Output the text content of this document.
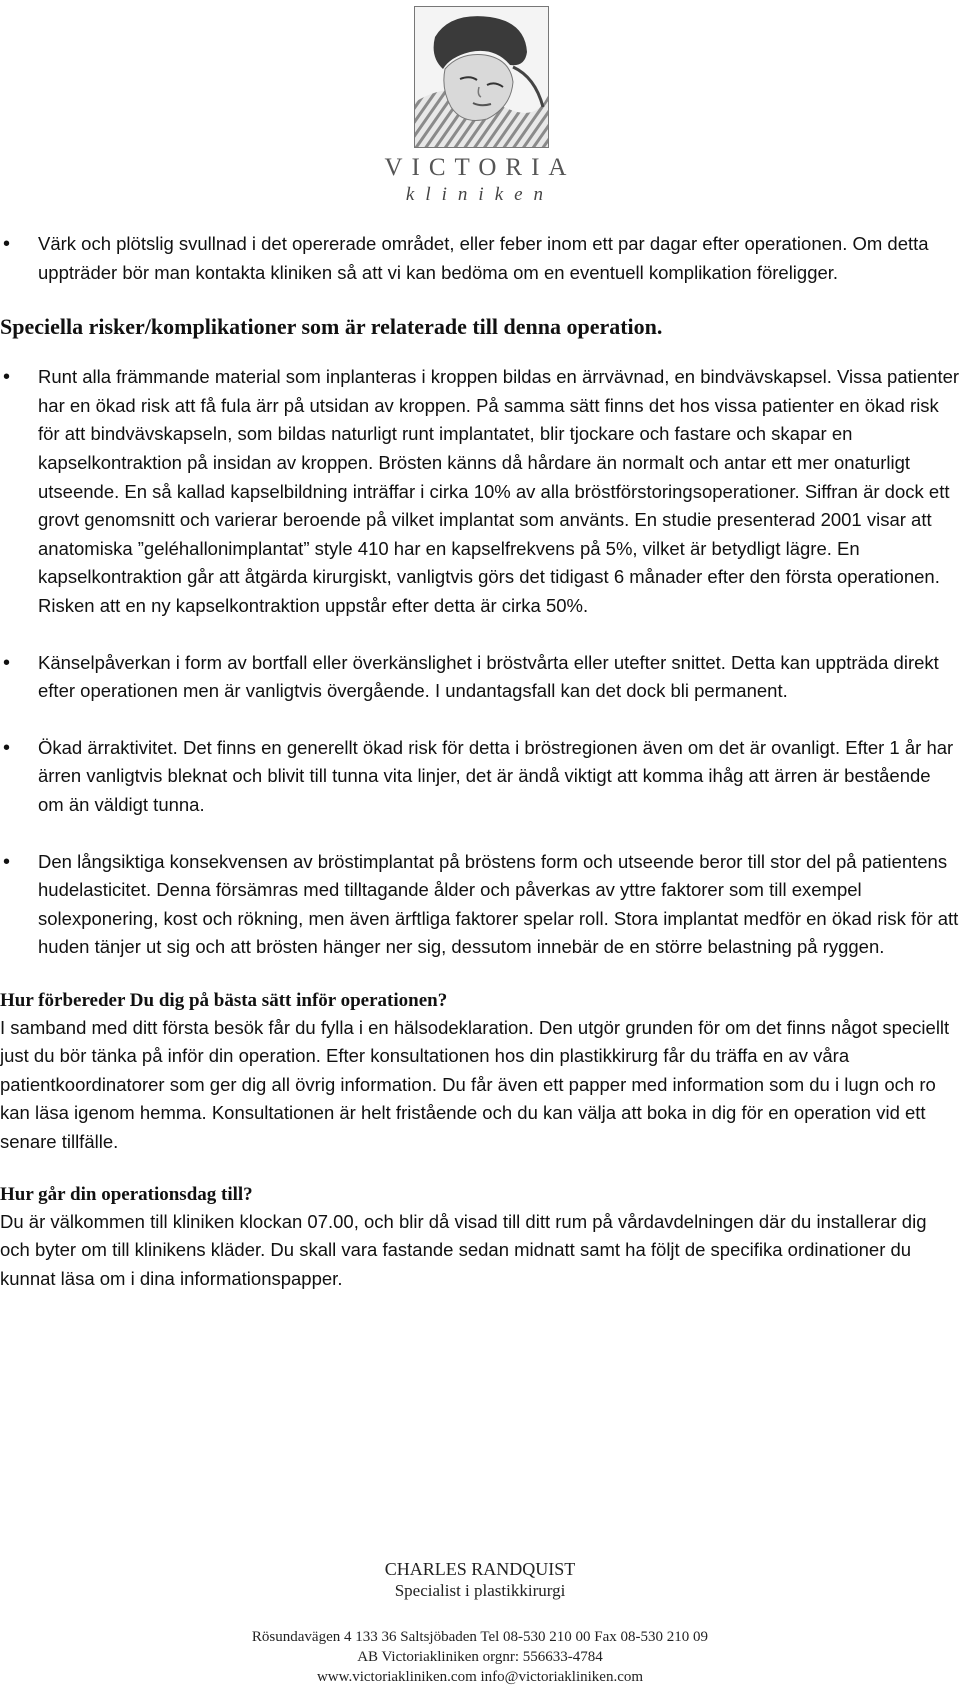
VICTORIA
kliniken
• Värk och plötslig svullnad i det opererade området, eller feber inom ett par dagar efter operationen. Om detta uppträder bör man kontakta kliniken så att vi kan bedöma om en eventuell komplikation föreligger.
Speciella risker/komplikationer som är relaterade till denna operation.
• Runt alla främmande material som inplanteras i kroppen bildas en ärrvävnad, en bindvävskapsel. Vissa patienter har en ökad risk att få fula ärr på utsidan av kroppen. På samma sätt finns det hos vissa patienter en ökad risk för att bindvävskapseln, som bildas naturligt runt implantatet, blir tjockare och fastare och skapar en kapselkontraktion på insidan av kroppen. Brösten känns då hårdare än normalt och antar ett mer onaturligt utseende. En så kallad kapselbildning inträffar i cirka 10% av alla bröstförstoringsoperationer. Siffran är dock ett grovt genomsnitt och varierar beroende på vilket implantat som använts. En studie presenterad 2001 visar att anatomiska ”geléhallonimplantat” style 410 har en kapselfrekvens på 5%, vilket är betydligt lägre. En kapselkontraktion går att åtgärda kirurgiskt, vanligtvis görs det tidigast 6 månader efter den första operationen. Risken att en ny kapselkontraktion uppstår efter detta är cirka 50%.
• Känselpåverkan i form av bortfall eller överkänslighet i bröstvårta eller utefter snittet. Detta kan uppträda direkt efter operationen men är vanligtvis övergående. I undantagsfall kan det dock bli permanent.
• Ökad ärraktivitet. Det finns en generellt ökad risk för detta i bröstregionen även om det är ovanligt. Efter 1 år har ärren vanligtvis bleknat och blivit till tunna vita linjer, det är ändå viktigt att komma ihåg att ärren är bestående om än väldigt tunna.
• Den långsiktiga konsekvensen av bröstimplantat på bröstens form och utseende beror till stor del på patientens hudelasticitet. Denna försämras med tilltagande ålder och påverkas av yttre faktorer som till exempel solexponering, kost och rökning, men även ärftliga faktorer spelar roll. Stora implantat medför en ökad risk för att huden tänjer ut sig och att brösten hänger ner sig, dessutom innebär de en större belastning på ryggen.
Hur förbereder Du dig på bästa sätt inför operationen?

I samband med ditt första besök får du fylla i en hälsodeklaration. Den utgör grunden för om det finns något speciellt just du bör tänka på inför din operation. Efter konsultationen hos din plastikkirurg får du träffa en av våra patientkoordinatorer som ger dig all övrig information. Du får även ett papper med information som du i lugn och ro kan läsa igenom hemma. Konsultationen är helt fristående och du kan välja att boka in dig för en operation vid ett senare tillfälle.

Hur går din operationsdag till?

Du är välkommen till kliniken klockan 07.00, och blir då visad till ditt rum på vårdavdelningen där du installerar dig och byter om till klinikens kläder. Du skall vara fastande sedan midnatt samt ha följt de specifika ordinationer du kunnat läsa om i dina informationspapper.

CHARLES RANDQUIST
Specialist i plastikkirurgi
Rösundavägen 4 133 36 Saltsjöbaden Tel 08-530 210 00 Fax 08-530 210 09
AB Victoriakliniken orgnr: 556633-4784
www.victoriakliniken.com info@victoriakliniken.com
